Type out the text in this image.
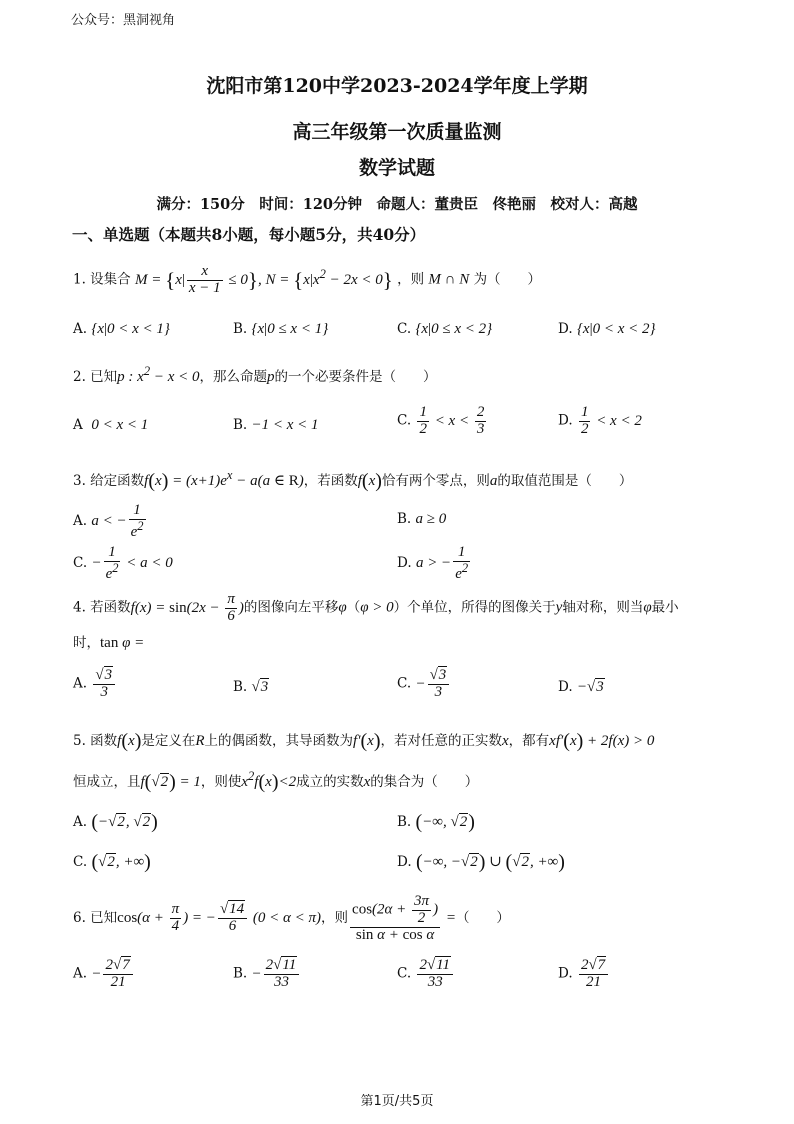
公众号：黑洞视角
沈阳市第120中学2023-2024学年度上学期
高三年级第一次质量监测
数学试题
满分：150分　时间：120分钟　命题人：董贵臣　佟艳丽　校对人：高越
一、单选题（本题共8小题，每小题5分，共40分）
1. 设集合 $M = \{x| \frac{x}{x - 1} \le 0\}$, $N = \{x|x^2 - 2x < 0\}$ ，则 M ∩ N 为（　　）
A. {x|0 < x < 1}	B. {x|0 ≤ x < 1}	C. {x|0 ≤ x < 2}	D. {x|0 < x < 2}
2. 已知p : $x^2 - x < 0$，那么命题p的一个必要条件是（　　）
A 0 < x < 1	B. −1 < x < 1	C. $\frac{1}{2} < x < \frac{2}{3}$	D. $\frac{1}{2} < x < 2$
3. 给定函数$f(x) = (x+1)e^x - a(a$ ∈ R)，若函数f(x)恰有两个零点，则a的取值范围是（　　）
A. a < − $\frac{1}{e^2}$	B. a ≥ 0
C. − $\frac{1}{e^2} < a < 0$	D. a > − $\frac{1}{e^2}$
4. 若函数$f(x) = \sin(2x - \frac{\pi}{6}$ )的图像向左平移φ（φ > 0）个单位，所得的图像关于y轴对称，则当φ最小
时，tan φ =
A. $\frac{√3}{3}$	B. √3	C. − $\frac{√3}{3}$	D. −√3
5. 函数f(x)是定义在R上的偶函数，其导函数为f′(x)，若对任意的正实数x，都有xf′(x) + 2f(x) > 0
恒成立，且f(√2) = 1，则使$x^2f(x)<2$成立的实数x的集合为（　　）
A. (−√2, √2)	B. (−∞, √2)
C. (√2, +∞)	D. (−∞, −√2) ∪ (√2, +∞)
6. 已知$\cos(\alpha + \frac{\pi}{4}$ ) = − $\frac{√14}{6} (0 < \alpha < \pi)$，则 $\frac{\cos(2\alpha + \frac{3\pi}{2} )}{\text{sin α + cos α}}$ =（　　）
A. − $\frac{2√7}{21}$	B. − $\frac{2√11}{33}$	C. $\frac{2√11}{33}$	D. $\frac{2√7}{21}$
第1页/共5页
